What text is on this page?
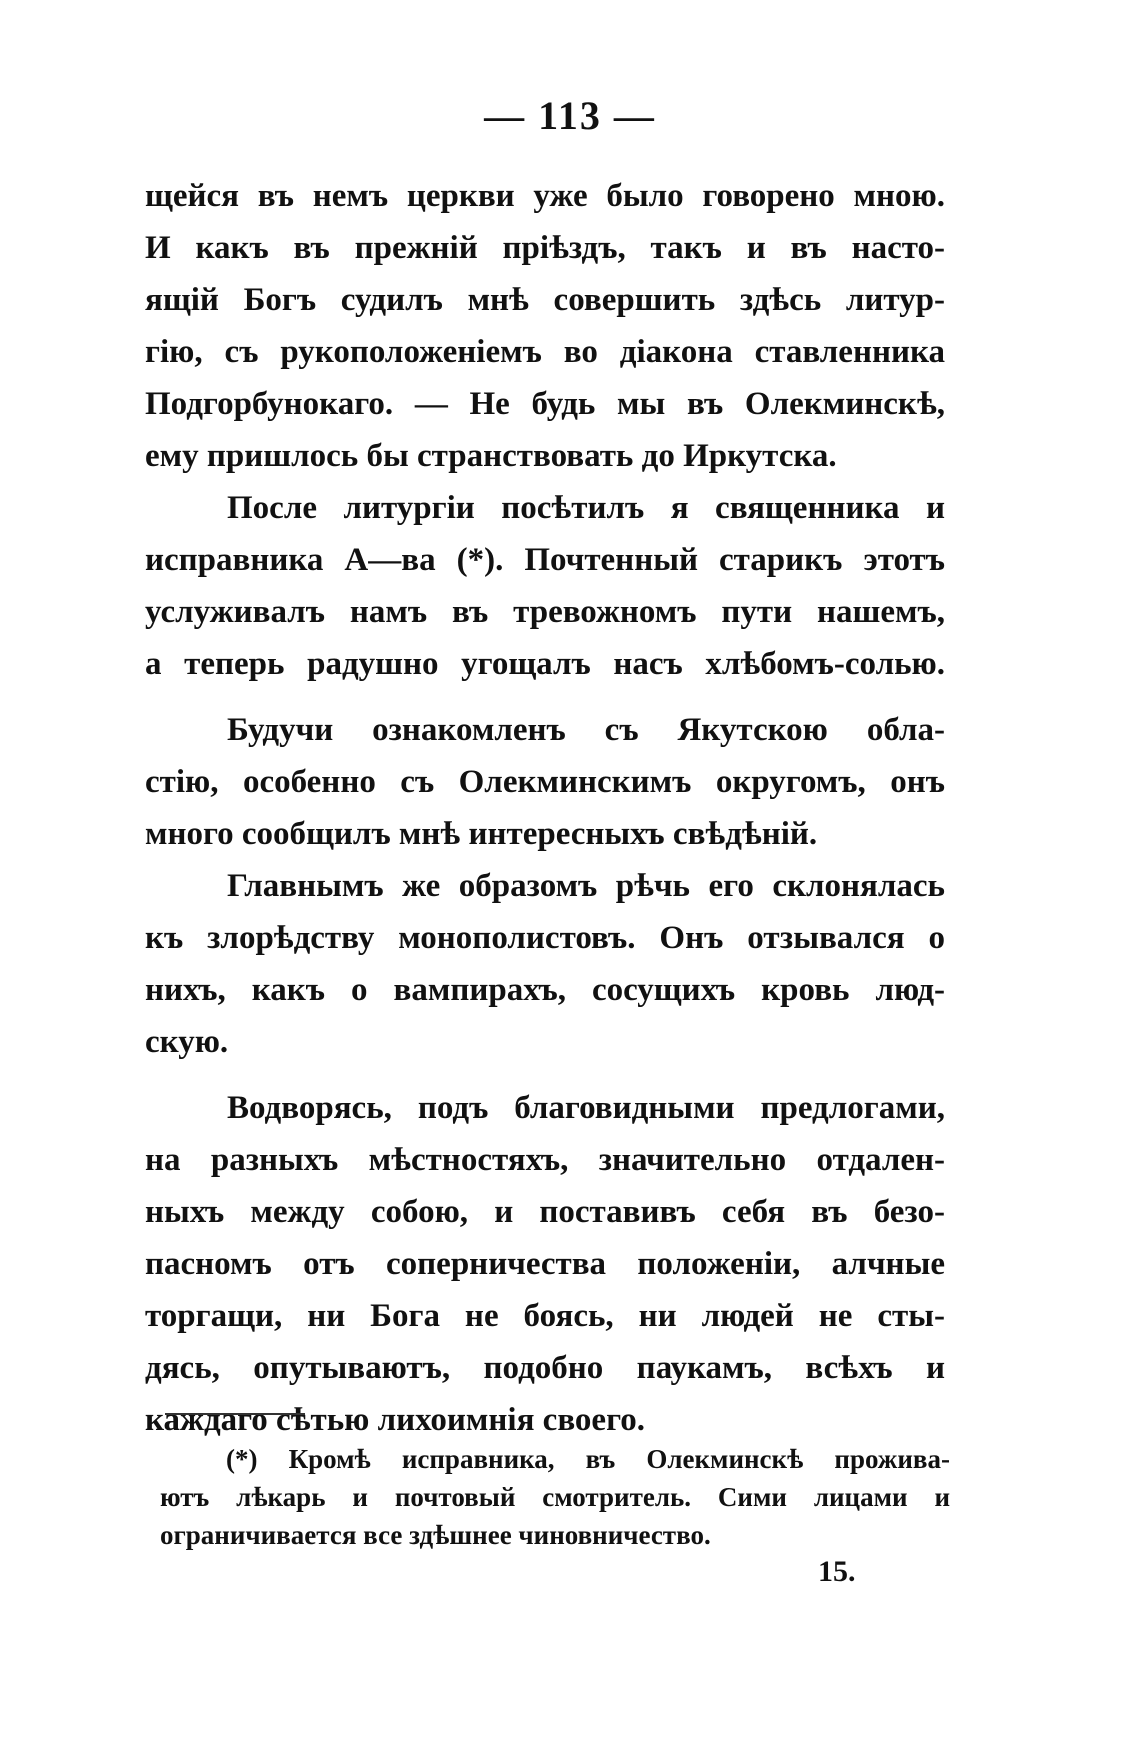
— 113 —
щейся въ немъ церкви уже было говорено мною.
И какъ въ прежній пріѣздъ, такъ и въ насто-
ящій Богъ судилъ мнѣ совершить здѣсь литур-
гію, съ рукоположеніемъ во діакона ставленника
Подгорбунокаго. — Не будь мы въ Олекминскѣ,
ему пришлось бы странствовать до Иркутска.
После литургіи посѣтилъ я священника и
исправника А—ва (*). Почтенный старикъ этотъ
услуживалъ намъ въ тревожномъ пути нашемъ,
а теперь радушно угощалъ насъ хлѣбомъ-солью.
Будучи ознакомленъ съ Якутскою обла-
стію, особенно съ Олекминскимъ округомъ, онъ
много сообщилъ мнѣ интересныхъ свѣдѣній.
Главнымъ же образомъ рѣчь его склонялась
къ злорѣдству монополистовъ. Онъ отзывался о
нихъ, какъ о вампирахъ, сосущихъ кровь люд-
скую.
Водворясь, подъ благовидными предлогами,
на разныхъ мѣстностяхъ, значительно отдален-
ныхъ между собою, и поставивъ себя въ безо-
пасномъ отъ соперничества положеніи, алчные
торгащи, ни Бога не боясь, ни людей не сты-
дясь, опутываютъ, подобно паукамъ, всѣхъ и
каждаго сѣтью лихоимнія своего.
(*) Кромѣ исправника, въ Олекминскѣ прожива-
ютъ лѣкарь и почтовый смотритель. Сими лицами и
ограничивается все здѣшнее чиновничество.
15.
